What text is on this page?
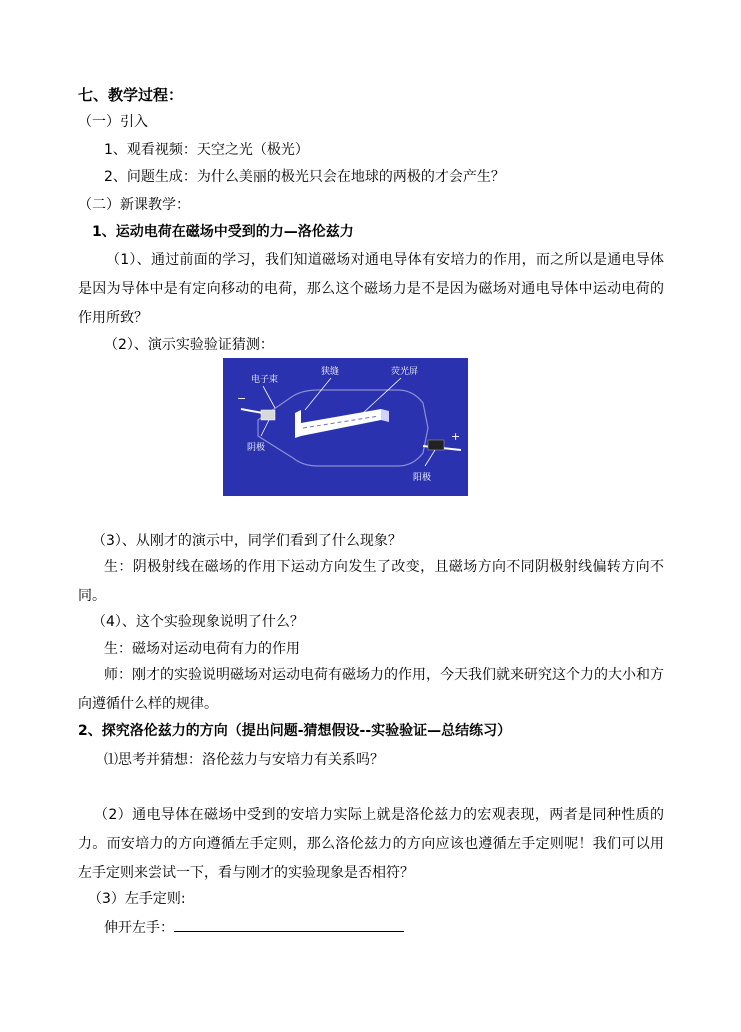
七、教学过程：
（一）引入
1、观看视频：天空之光（极光）
2、问题生成：为什么美丽的极光只会在地球的两极的才会产生？
（二）新课教学：
1、运动电荷在磁场中受到的力—洛伦兹力
（1）、通过前面的学习，我们知道磁场对通电导体有安培力的作用，而之所以是通电导体是因为导体中是有定向移动的电荷，那么这个磁场力是不是因为磁场对通电导体中运动电荷的作用所致？
（2）、演示实验验证猜测：
电子束
狭缝	荧光屏
阴极
阳极
−
+
（3）、从刚才的演示中，同学们看到了什么现象？
生：阴极射线在磁场的作用下运动方向发生了改变，且磁场方向不同阴极射线偏转方向不同。
（4）、这个实验现象说明了什么？
生：磁场对运动电荷有力的作用
师：刚才的实验说明磁场对运动电荷有磁场力的作用，今天我们就来研究这个力的大小和方向遵循什么样的规律。
2、探究洛伦兹力的方向（提出问题-猜想假设--实验验证—总结练习）
⑴思考并猜想：洛伦兹力与安培力有关系吗？
（2）通电导体在磁场中受到的安培力实际上就是洛伦兹力的宏观表现，两者是同种性质的力。而安培力的方向遵循左手定则，那么洛伦兹力的方向应该也遵循左手定则呢！我们可以用左手定则来尝试一下，看与刚才的实验现象是否相符？
（3）左手定则:
伸开左手：
